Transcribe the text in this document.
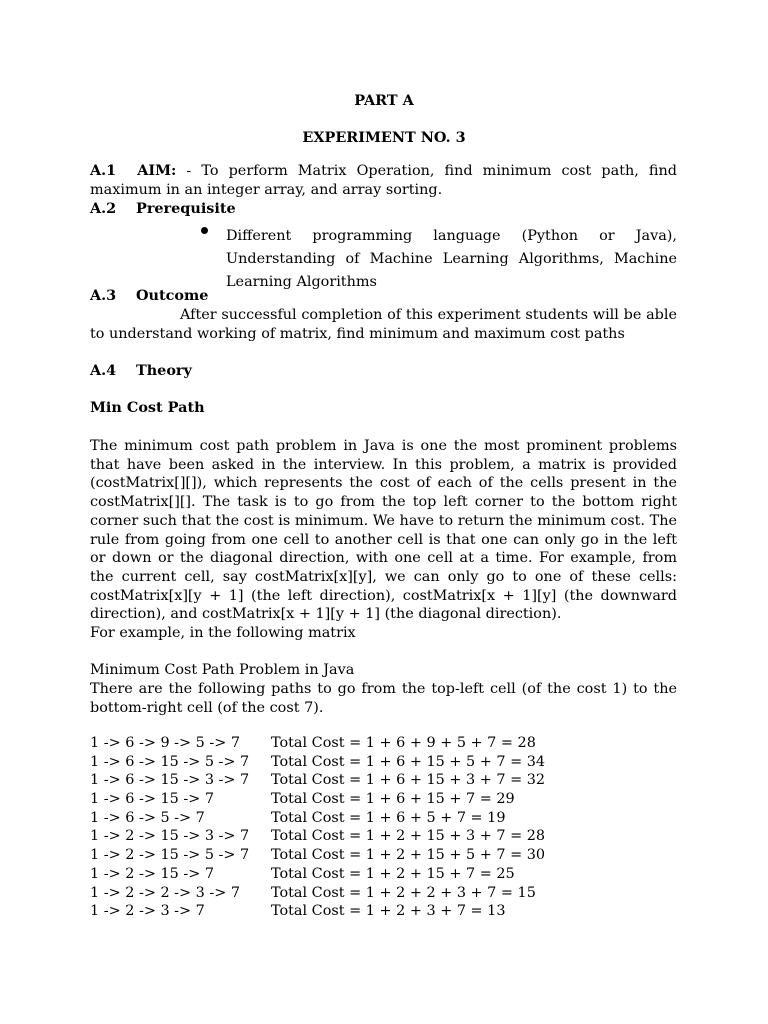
PART A
EXPERIMENT NO. 3
A.1 AIM: - To perform Matrix Operation, find minimum cost path, find maximum in an integer array, and array sorting.
A.2 Prerequisite
Different programming language (Python or Java), Understanding of Machine Learning Algorithms, Machine Learning Algorithms
A.3 Outcome
After successful completion of this experiment students will be able to understand working of matrix, find minimum and maximum cost paths
A.4 Theory
Min Cost Path
The minimum cost path problem in Java is one the most prominent problems that have been asked in the interview. In this problem, a matrix is provided (costMatrix[][]), which represents the cost of each of the cells present in the costMatrix[][]. The task is to go from the top left corner to the bottom right corner such that the cost is minimum. We have to return the minimum cost. The rule from going from one cell to another cell is that one can only go in the left or down or the diagonal direction, with one cell at a time. For example, from the current cell, say costMatrix[x][y], we can only go to one of these cells: costMatrix[x][y + 1] (the left direction), costMatrix[x + 1][y] (the downward direction), and costMatrix[x + 1][y + 1] (the diagonal direction).
For example, in the following matrix
Minimum Cost Path Problem in Java
There are the following paths to go from the top-left cell (of the cost 1) to the bottom-right cell (of the cost 7).
1 -> 6 -> 9 -> 5 -> 7 Total Cost = 1 + 6 + 9 + 5 + 7 = 28
1 -> 6 -> 15 -> 5 -> 7 Total Cost = 1 + 6 + 15 + 5 + 7 = 34
1 -> 6 -> 15 -> 3 -> 7 Total Cost = 1 + 6 + 15 + 3 + 7 = 32
1 -> 6 -> 15 -> 7	Total Cost = 1 + 6 + 15 + 7 = 29
1 -> 6 -> 5 -> 7	Total Cost = 1 + 6 + 5 + 7 = 19
1 -> 2 -> 15 -> 3 -> 7 Total Cost = 1 + 2 + 15 + 3 + 7 = 28
1 -> 2 -> 15 -> 5 -> 7 Total Cost = 1 + 2 + 15 + 5 + 7 = 30
1 -> 2 -> 15 -> 7	Total Cost = 1 + 2 + 15 + 7 = 25
1 -> 2 -> 2 -> 3 -> 7 Total Cost = 1 + 2 + 2 + 3 + 7 = 15
1 -> 2 -> 3 -> 7	Total Cost = 1 + 2 + 3 + 7 = 13
